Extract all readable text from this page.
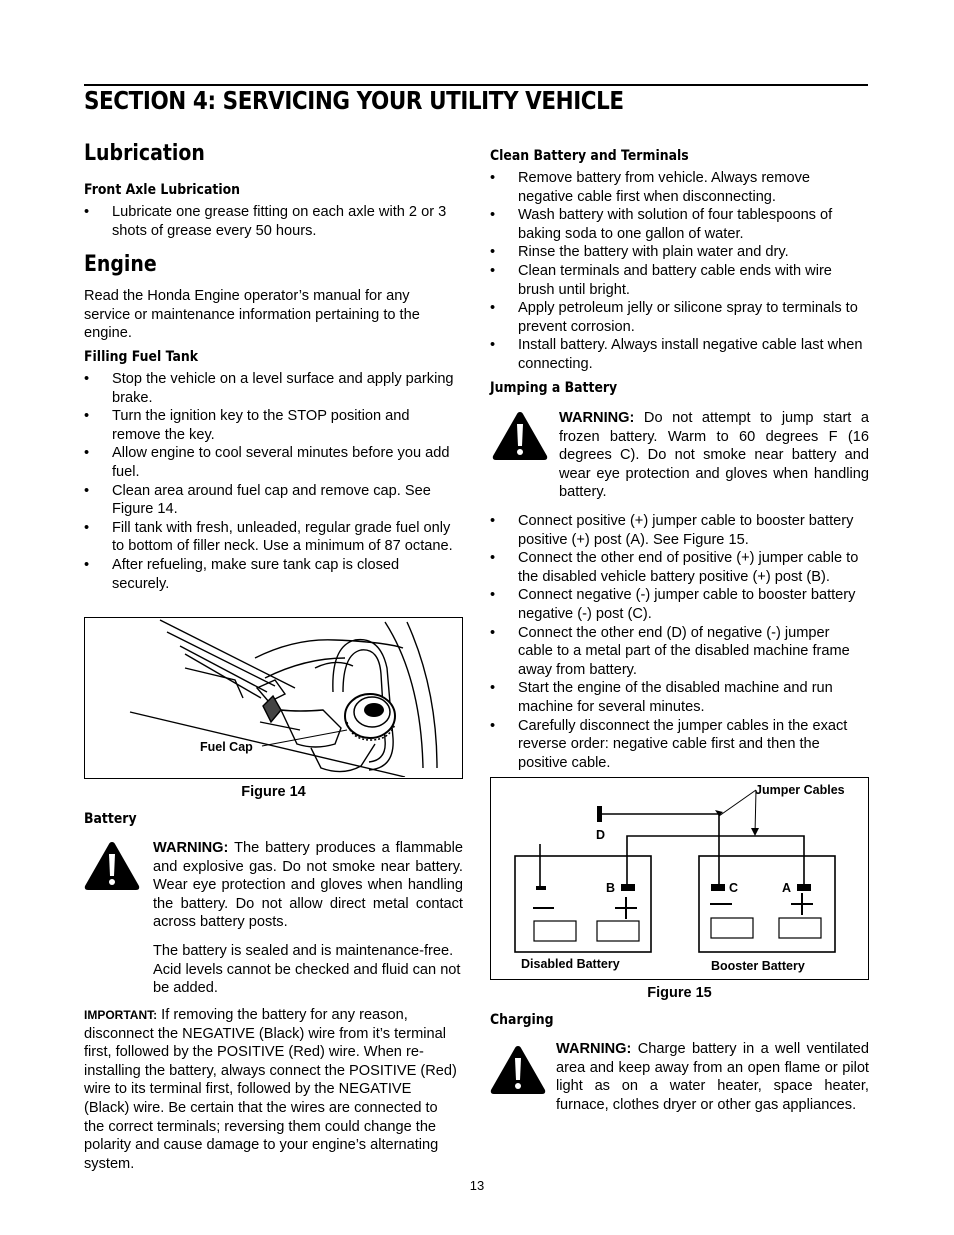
SECTION 4: SERVICING YOUR UTILITY VEHICLE
Lubrication
Front Axle Lubrication
• Lubricate one grease fitting on each axle with 2 or 3 shots of grease every 50 hours.
Engine

Read the Honda Engine operator’s manual for any service or maintenance information pertaining to the engine.

Filling Fuel Tank
• Stop the vehicle on a level surface and apply parking brake.
• Turn the ignition key to the STOP position and remove the key.
• Allow engine to cool several minutes before you add fuel.
• Clean area around fuel cap and remove cap. See Figure 14.
• Fill tank with fresh, unleaded, regular grade fuel only to bottom of filler neck. Use a minimum of 87 octane.
• After refueling, make sure tank cap is closed securely.
Fuel Cap
Figure 14
Battery

WARNING: The battery produces a flammable and explosive gas. Do not smoke near battery. Wear eye protection and gloves when handling the battery. Do not allow direct metal contact across battery posts.

The battery is sealed and is maintenance-free. Acid levels cannot be checked and fluid can not be added.

IMPORTANT: If removing the battery for any reason, disconnect the NEGATIVE (Black) wire from it’s terminal first, followed by the POSITIVE (Red) wire. When re-installing the battery, always connect the POSITIVE (Red) wire to its terminal first, followed by the NEGATIVE (Black) wire. Be certain that the wires are connected to the correct terminals; reversing them could change the polarity and cause damage to your engine’s alternating system.

Clean Battery and Terminals
• Remove battery from vehicle. Always remove negative cable first when disconnecting.
• Wash battery with solution of four tablespoons of baking soda to one gallon of water.
• Rinse the battery with plain water and dry.
• Clean terminals and battery cable ends with wire brush until bright.
• Apply petroleum jelly or silicone spray to terminals to prevent corrosion.
• Install battery. Always install negative cable last when connecting.
Jumping a Battery

WARNING: Do not attempt to jump start a frozen battery. Warm to 60 degrees F (16 degrees C). Do not smoke near battery and wear eye protection and gloves when handling battery.

• Connect positive (+) jumper cable to booster battery positive (+) post (A). See Figure 15.
• Connect the other end of positive (+) jumper cable to the disabled vehicle battery positive (+) post (B).
• Connect negative (-) jumper cable to booster battery negative (-) post (C).
• Connect the other end (D) of negative (-) jumper cable to a metal part of the disabled machine frame away from battery.
• Start the engine of the disabled machine and run machine for several minutes.
• Carefully disconnect the jumper cables in the exact reverse order: negative cable first and then the positive cable.
Jumper Cables
D
B	C	A
Disabled Battery	Booster Battery
Figure 15
Charging

WARNING: Charge battery in a well ventilated area and keep away from an open flame or pilot light as on a water heater, space heater, furnace, clothes dryer or other gas appliances.

13
